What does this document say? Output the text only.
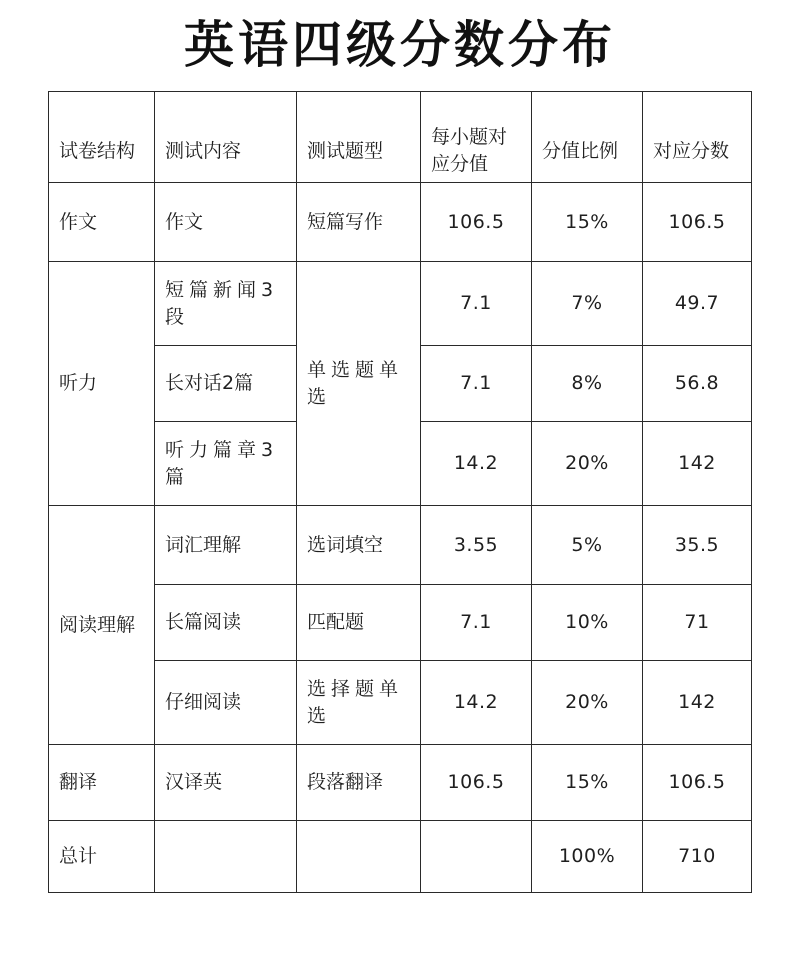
英语四级分数分布
试卷结构	测试内容	测试题型	每小题对应分值	分值比例	对应分数
作文	作文	短篇写作	106.5	15%	106.5
听力	短篇新闻3段	单选题单选	7.1	7%	49.7
	长对话2篇		7.1	8%	56.8
	听力篇章3篇		14.2	20%	142
阅读理解	词汇理解	选词填空	3.55	5%	35.5
	长篇阅读	匹配题	7.1	10%	71
	仔细阅读	选择题单选	14.2	20%	142
翻译	汉译英	段落翻译	106.5	15%	106.5
总计				100%	710
